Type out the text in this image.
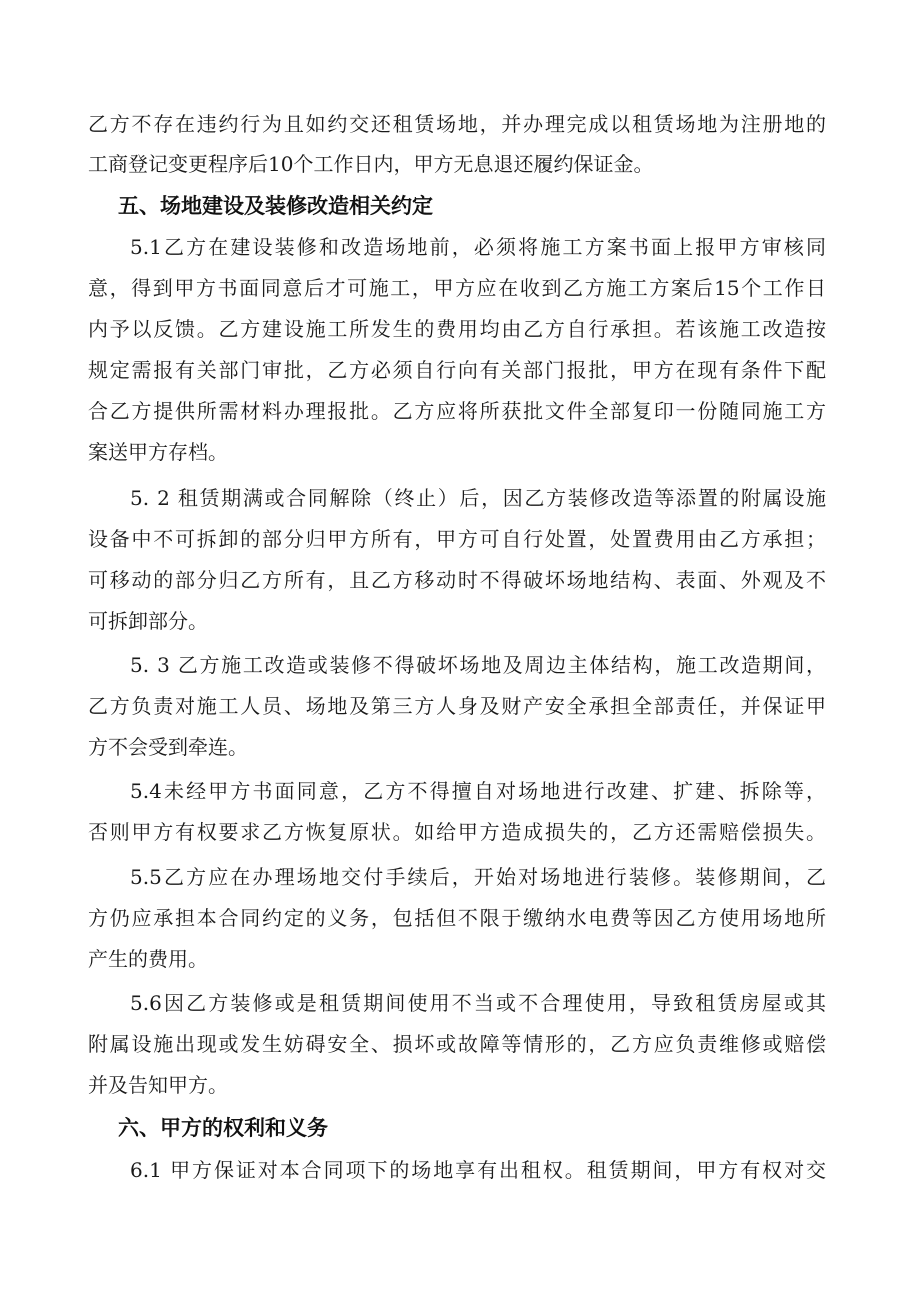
乙方不存在违约行为且如约交还租赁场地，并办理完成以租赁场地为注册地的
工商登记变更程序后10个工作日内，甲方无息退还履约保证金。
五、场地建设及装修改造相关约定
5.1乙方在建设装修和改造场地前，必须将施工方案书面上报甲方审核同
意，得到甲方书面同意后才可施工，甲方应在收到乙方施工方案后15个工作日
内予以反馈。乙方建设施工所发生的费用均由乙方自行承担。若该施工改造按
规定需报有关部门审批，乙方必须自行向有关部门报批，甲方在现有条件下配
合乙方提供所需材料办理报批。乙方应将所获批文件全部复印一份随同施工方
案送甲方存档。
5. 2 租赁期满或合同解除（终止）后，因乙方装修改造等添置的附属设施
设备中不可拆卸的部分归甲方所有，甲方可自行处置，处置费用由乙方承担；
可移动的部分归乙方所有，且乙方移动时不得破坏场地结构、表面、外观及不
可拆卸部分。
5. 3 乙方施工改造或装修不得破坏场地及周边主体结构，施工改造期间，
乙方负责对施工人员、场地及第三方人身及财产安全承担全部责任，并保证甲
方不会受到牵连。
5.4未经甲方书面同意，乙方不得擅自对场地进行改建、扩建、拆除等，
否则甲方有权要求乙方恢复原状。如给甲方造成损失的，乙方还需赔偿损失。
5.5乙方应在办理场地交付手续后，开始对场地进行装修。装修期间，乙
方仍应承担本合同约定的义务，包括但不限于缴纳水电费等因乙方使用场地所
产生的费用。
5.6因乙方装修或是租赁期间使用不当或不合理使用，导致租赁房屋或其
附属设施出现或发生妨碍安全、损坏或故障等情形的，乙方应负责维修或赔偿
并及告知甲方。
六、甲方的权利和义务
6.1 甲方保证对本合同项下的场地享有出租权。租赁期间，甲方有权对交
